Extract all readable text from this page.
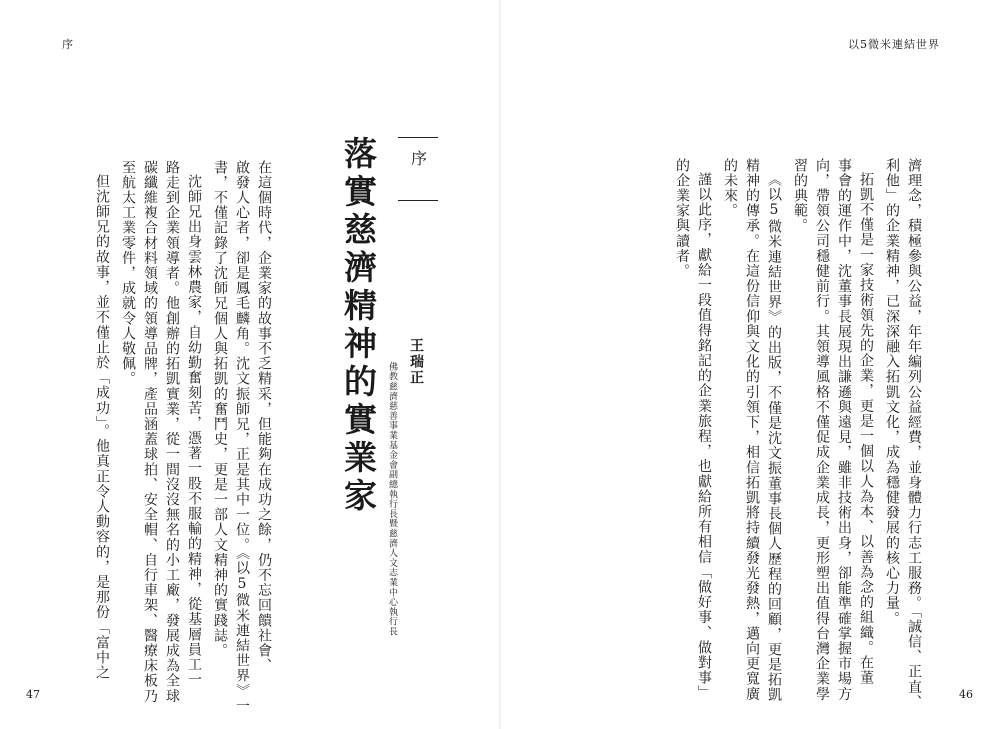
序
在這個時代，企業家的故事不乏精采，但能夠在成功之餘，仍不忘回饋社會、
啟發人心者，卻是鳳毛麟角。沈文振師兄，正是其中一位。《以5微米連結世界》一
書，不僅記錄了沈師兄個人與拓凱的奮鬥史，更是一部人文精神的實踐誌。
沈師兄出身雲林農家，自幼勤奮刻苦，憑著一股不服輸的精神，從基層員工一
路走到企業領導者。他創辦的拓凱實業，從一間沒沒無名的小工廠，發展成為全球
碳纖維複合材料領域的領導品牌，產品涵蓋球拍、安全帽、自行車架、醫療床板乃
至航太工業零件，成就令人敬佩。
但沈師兄的故事，並不僅止於「成功」。他真正令人動容的，是那份「富中之	落實慈濟精神的實業家 序
王瑞正
佛教慈濟慈善事業基金會副總執行長暨慈濟人文志業中心執行長
47
以5微米連結世界
濟理念，積極參與公益，年年編列公益經費，並身體力行志工服務。「誠信、正直、
利他」的企業精神，已深深融入拓凱文化，成為穩健發展的核心力量。
拓凱不僅是一家技術領先的企業，更是一個以人為本、以善為念的組織。在董
事會的運作中，沈董事長展現出謙遜與遠見，雖非技術出身，卻能準確掌握市場方
向，帶領公司穩健前行。其領導風格不僅促成企業成長，更形塑出值得台灣企業學
習的典範。
《以5微米連結世界》的出版，不僅是沈文振董事長個人歷程的回顧，更是拓凱
精神的傳承。在這份信仰與文化的引領下，相信拓凱將持續發光發熱，邁向更寬廣
的未來。
謹以此序，獻給一段值得銘記的企業旅程，也獻給所有相信「做好事、做對事」
的企業家與讀者。
46
